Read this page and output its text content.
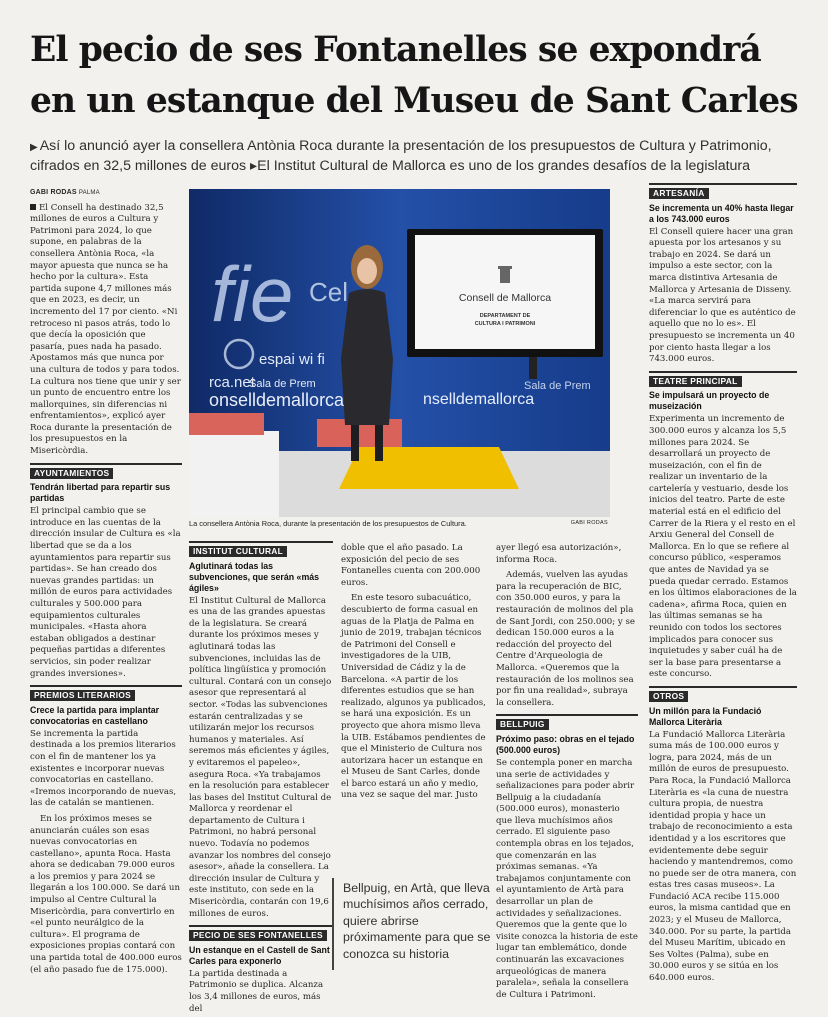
El pecio de ses Fontanelles se expondrá
en un estanque del Museu de Sant Carles
▶ Así lo anunció ayer la consellera Antònia Roca durante la presentación de los presupuestos de Cultura y Patrimonio,
cifrados en 32,5 millones de euros ▸El Institut Cultural de Mallorca es uno de los grandes desafíos de la legislatura
GABI RODAS PALMA

El Consell ha destinado 32,5 millones de euros a Cultura y Patrimoni para 2024, lo que supone, en palabras de la consellera Antònia Roca, «la mayor apuesta que nunca se ha hecho por la cultura». Esta partida supone 4,7 millones más que en 2023, es decir, un incremento del 17 por ciento. «Ni retroceso ni pasos atrás, todo lo que decía la oposición que pasaría, pues nada ha pasado. Apostamos más que nunca por una cultura de todos y para todos. La cultura nos tiene que unir y ser un punto de encuentro entre los mallorquines, sin diferencias ni enfrentamientos», explicó ayer Roca durante la presentación de los presupuestos en la Misericòrdia.

AYUNTAMIENTOS
Tendrán libertad para repartir sus partidas

El principal cambio que se introduce en las cuentas de la dirección insular de Cultura es «la libertad que se da a los ayuntamientos para repartir sus partidas». Se han creado dos nuevas grandes partidas: un millón de euros para actividades culturales y 500.000 para equipamientos culturales municipales. «Hasta ahora estaban obligados a destinar pequeñas partidas a diferentes servicios, sin poder realizar grandes inversiones».

PREMIOS LITERARIOS
Crece la partida para implantar convocatorias en castellano

Se incrementa la partida destinada a los premios literarios con el fin de mantener los ya existentes e incorporar nuevas convocatorias en castellano. «Iremos incorporando de nuevas, las de catalán se mantienen.

En los próximos meses se anunciarán cuáles son esas nuevas convocatorias en castellano», apunta Roca. Hasta ahora se dedicaban 79.000 euros a los premios y para 2024 se llegarán a los 100.000. Se dará un impulso al Centre Cultural la Misericòrdia, para convertirlo en «el punto neurálgico de la cultura». El programa de exposiciones propias contará con una partida total de 400.000 euros (el año pasado fue de 175.000).

fie Cel
espai wi fi
rca.net
Sala de Prem
onselldemallorca
Consell de Mallorca
DEPARTAMENT DE
CULTURA I PATRIMONI
nselldemallorca
Sala de Prem
La consellera Antònia Roca, durante la presentación de los presupuestos de Cultura.	GABI RODAS
INSTITUT CULTURAL
Aglutinará todas las subvenciones, que serán «más ágiles»

El Institut Cultural de Mallorca es una de las grandes apuestas de la legislatura. Se creará durante los próximos meses y aglutinará todas las subvenciones, incluidas las de política lingüística y promoción cultural. Contará con un consejo asesor que representará al sector. «Todas las subvenciones estarán centralizadas y se utilizarán mejor los recursos humanos y materiales. Así seremos más eficientes y ágiles, y evitaremos el papeleo», asegura Roca. «Ya trabajamos en la resolución para establecer las bases del Institut Cultural de Mallorca y reordenar el departamento de Cultura i Patrimoni, no habrá personal nuevo. Todavía no podemos avanzar los nombres del consejo asesor», añade la consellera. La dirección insular de Cultura y este instituto, con sede en la Misericòrdia, contarán con 19,6 millones de euros.

PECIO DE SES FONTANELLES
Un estanque en el Castell de Sant Carles para exponerlo

La partida destinada a Patrimonio se duplica. Alcanza los 3,4 millones de euros, más del

doble que el año pasado. La exposición del pecio de ses Fontanelles cuenta con 200.000 euros.

En este tesoro subacuático, descubierto de forma casual en aguas de la Platja de Palma en junio de 2019, trabajan técnicos de Patrimoni del Consell e investigadores de la UIB, Universidad de Cádiz y la de Barcelona. «A partir de los diferentes estudios que se han realizado, algunos ya publicados, se hará una exposición. Es un proyecto que ahora mismo lleva la UIB. Estábamos pendientes de que el Ministerio de Cultura nos autorizara hacer un estanque en el Museu de Sant Carles, donde el barco estará un año y medio, una vez se saque del mar. Justo

Bellpuig, en Artà, que lleva muchísimos años cerrado, quiere abrirse próximamente para que se conozca su historia

ayer llegó esa autorización», informa Roca.

Además, vuelven las ayudas para la recuperación de BIC, con 350.000 euros, y para la restauración de molinos del pla de Sant Jordi, con 250.000; y se dedican 150.000 euros a la redacción del proyecto del Centre d'Arqueologia de Mallorca. «Queremos que la restauración de los molinos sea por fin una realidad», subraya la consellera.

BELLPUIG
Próximo paso: obras en el tejado (500.000 euros)

Se contempla poner en marcha una serie de actividades y señalizaciones para poder abrir Bellpuig a la ciudadanía (500.000 euros), monasterio que lleva muchísimos años cerrado. El siguiente paso contempla obras en los tejados, que comenzarán en las próximas semanas. «Ya trabajamos conjuntamente con el ayuntamiento de Artà para desarrollar un plan de actividades y señalizaciones. Queremos que la gente que lo visite conozca la historia de este lugar tan emblemático, donde continuarán las excavaciones arqueológicas de manera paralela», señala la consellera de Cultura i Patrimoni.

ARTESANÍA
Se incrementa un 40% hasta llegar a los 743.000 euros

El Consell quiere hacer una gran apuesta por los artesanos y su trabajo en 2024. Se dará un impulso a este sector, con la marca distintiva Artesania de Mallorca y Artesania de Disseny. «La marca servirá para diferenciar lo que es auténtico de aquello que no lo es». El presupuesto se incrementa un 40 por ciento hasta llegar a los 743.000 euros.

TEATRE PRINCIPAL
Se impulsará un proyecto de museización

Experimenta un incremento de 300.000 euros y alcanza los 5,5 millones para 2024. Se desarrollará un proyecto de museización, con el fin de realizar un inventario de la cartelería y vestuario, desde los inicios del teatro. Parte de este material está en el edificio del Carrer de la Riera y el resto en el Arxiu General del Consell de Mallorca. En lo que se refiere al concurso público, «esperamos que antes de Navidad ya se pueda quedar cerrado. Estamos en los últimos elaboraciones de la cadena», afirma Roca, quien en las últimas semanas se ha reunido con todos los sectores implicados para conocer sus inquietudes y saber cuál ha de ser la base para presentarse a este concurso.

OTROS
Un millón para la Fundació Mallorca Literària

La Fundació Mallorca Literària suma más de 100.000 euros y logra, para 2024, más de un millón de euros de presupuesto. Para Roca, la Fundació Mallorca Literària es «la cuna de nuestra cultura propia, de nuestra identidad propia y hace un trabajo de reconocimiento a esta identidad y a los escritores que evidentemente debe seguir haciendo y mantendremos, como no puede ser de otra manera, con estas tres casas museos». La Fundació ACA recibe 115.000 euros, la misma cantidad que en 2023; y el Museu de Mallorca, 340.000. Por su parte, la partida del Museu Marítim, ubicado en Ses Voltes (Palma), sube en 30.000 euros y se sitúa en los 640.000 euros.
